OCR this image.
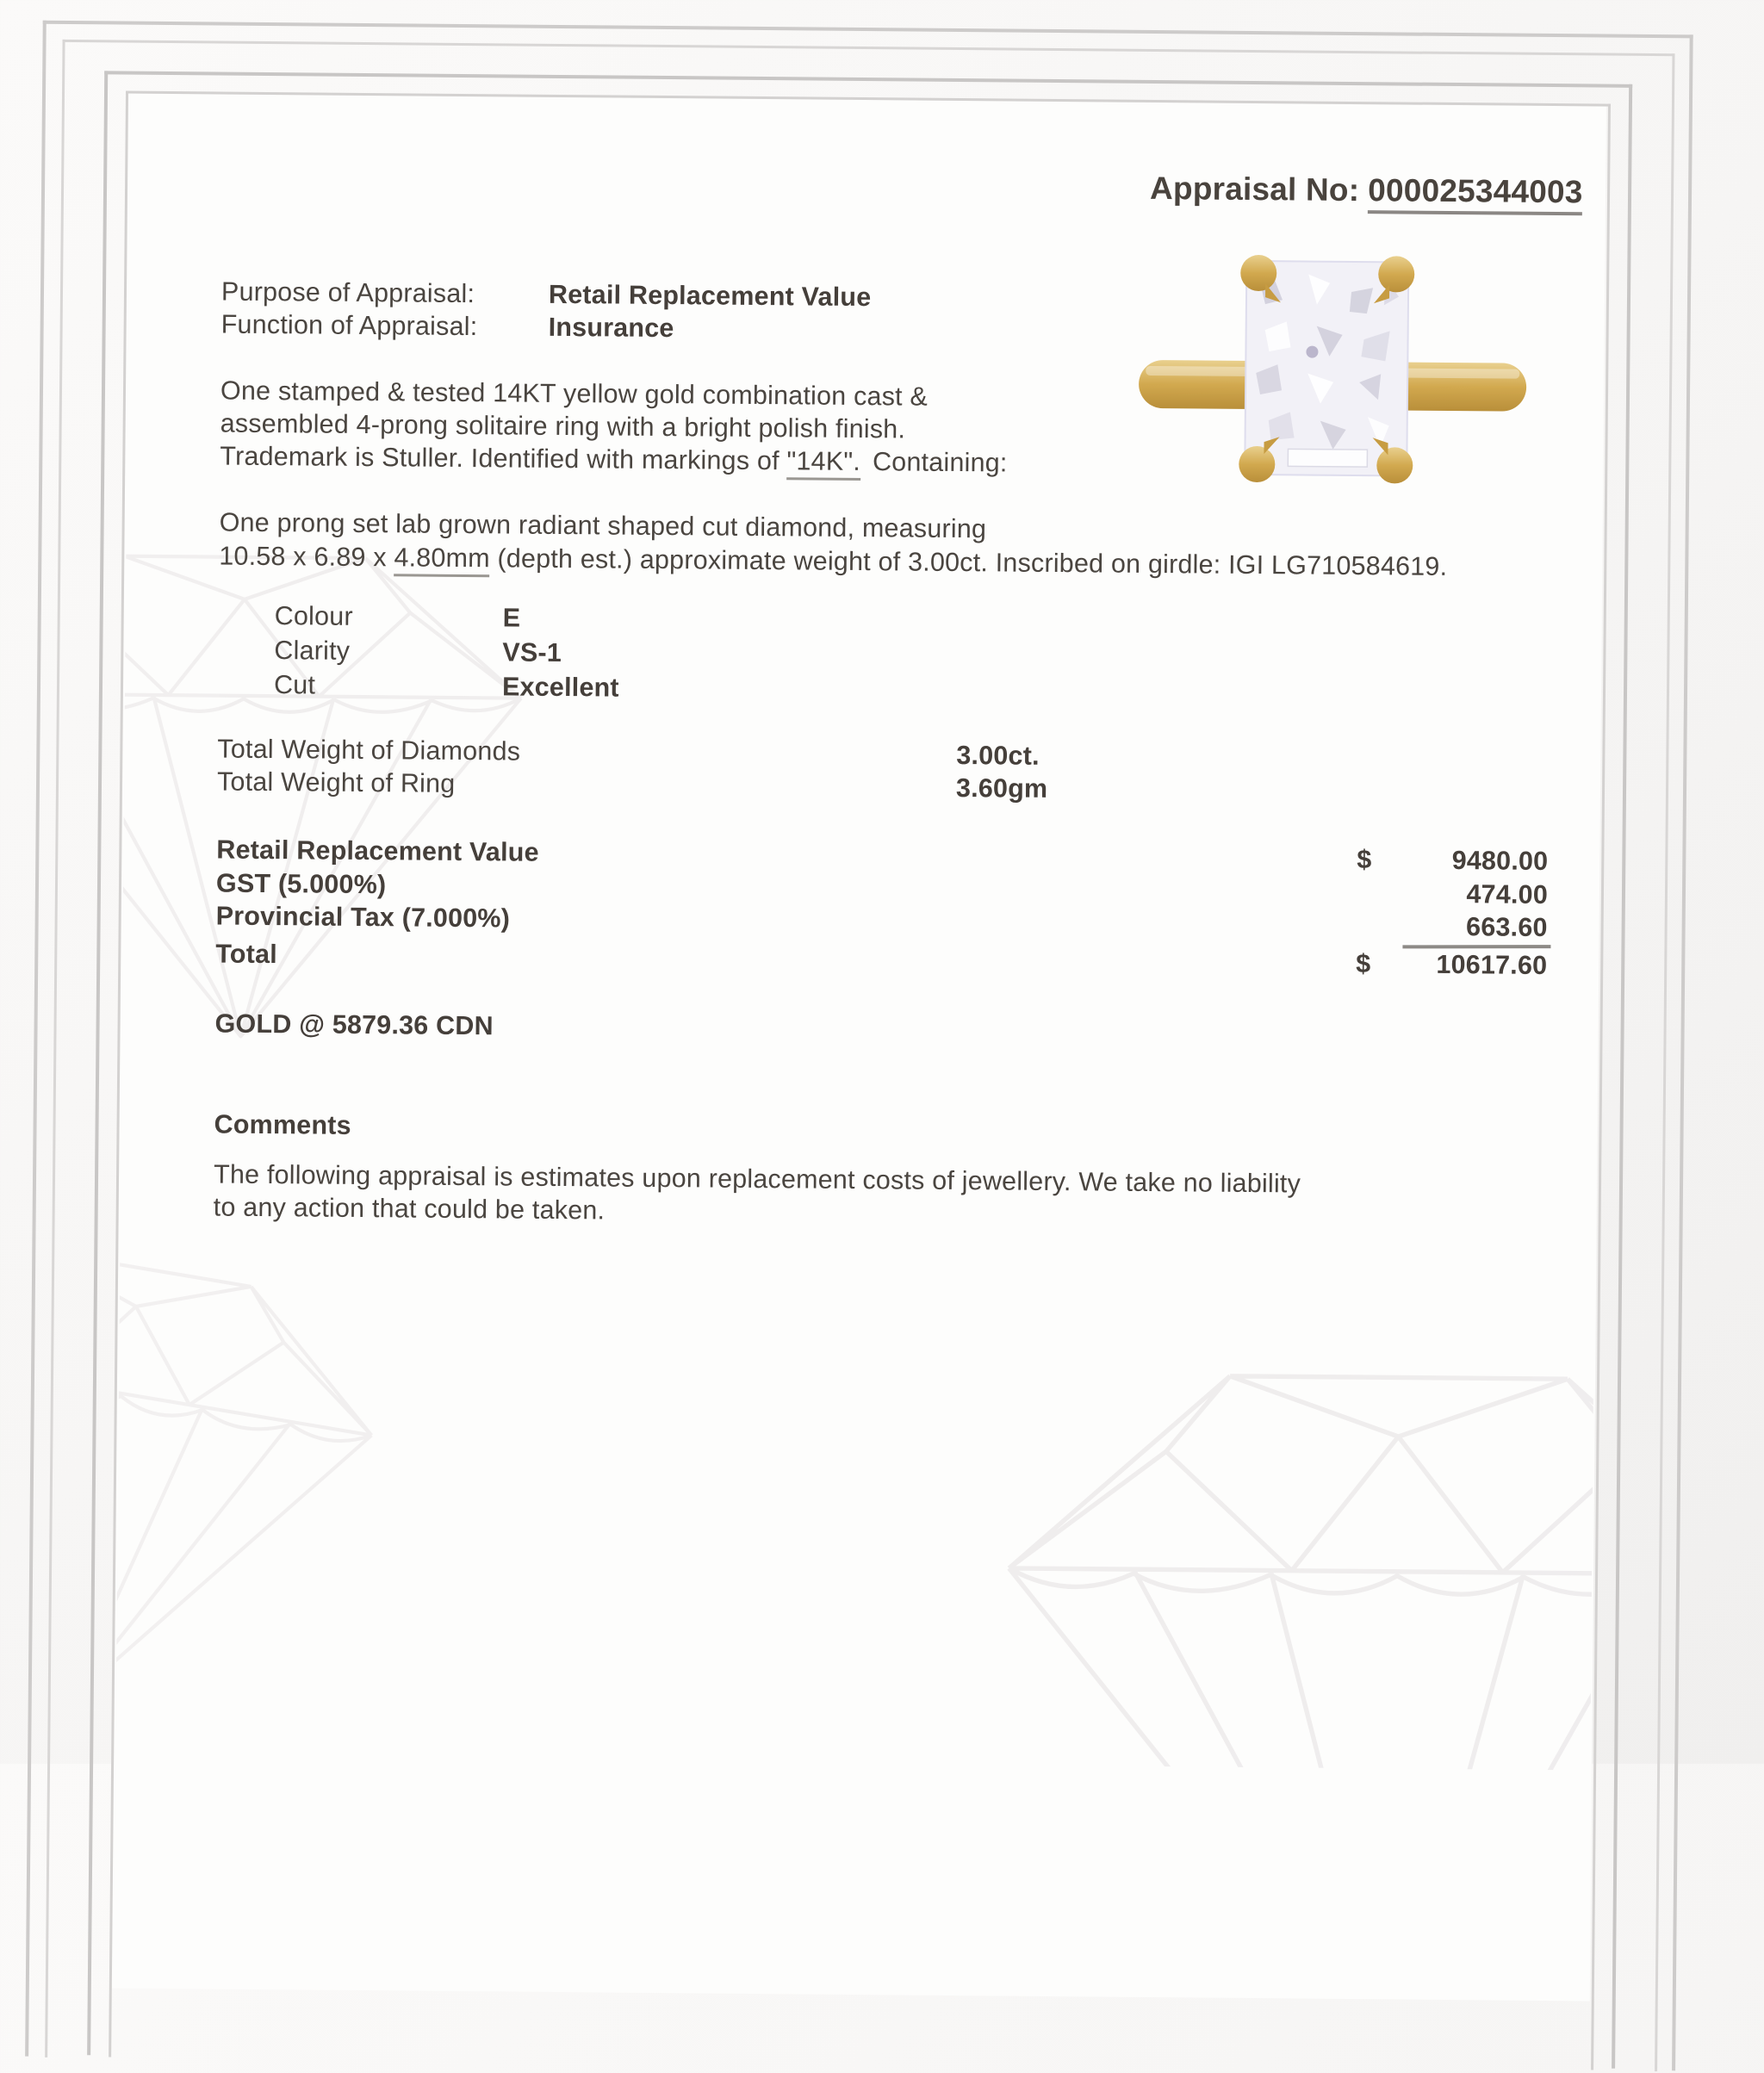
Appraisal No: 000025344003
Purpose of Appraisal:	Retail Replacement Value
Function of Appraisal:	Insurance
One stamped & tested 14KT yellow gold combination cast &
assembled 4-prong solitaire ring with a bright polish finish.
Trademark is Stuller. Identified with markings of "14K". Containing:
One prong set lab grown radiant shaped cut diamond, measuring
10.58 x 6.89 x 4.80mm (depth est.) approximate weight of 3.00ct. Inscribed on girdle: IGI LG710584619.
Colour	E
Clarity	VS-1
Cut	Excellent
Total Weight of Diamonds	3.00ct.
Total Weight of Ring	3.60gm
Retail Replacement Value	$	9480.00
GST (5.000%)	474.00
Provincial Tax (7.000%)	663.60
Total	$	10617.60
GOLD @ 5879.36 CDN
Comments
The following appraisal is estimates upon replacement costs of jewellery. We take no liability
to any action that could be taken.
